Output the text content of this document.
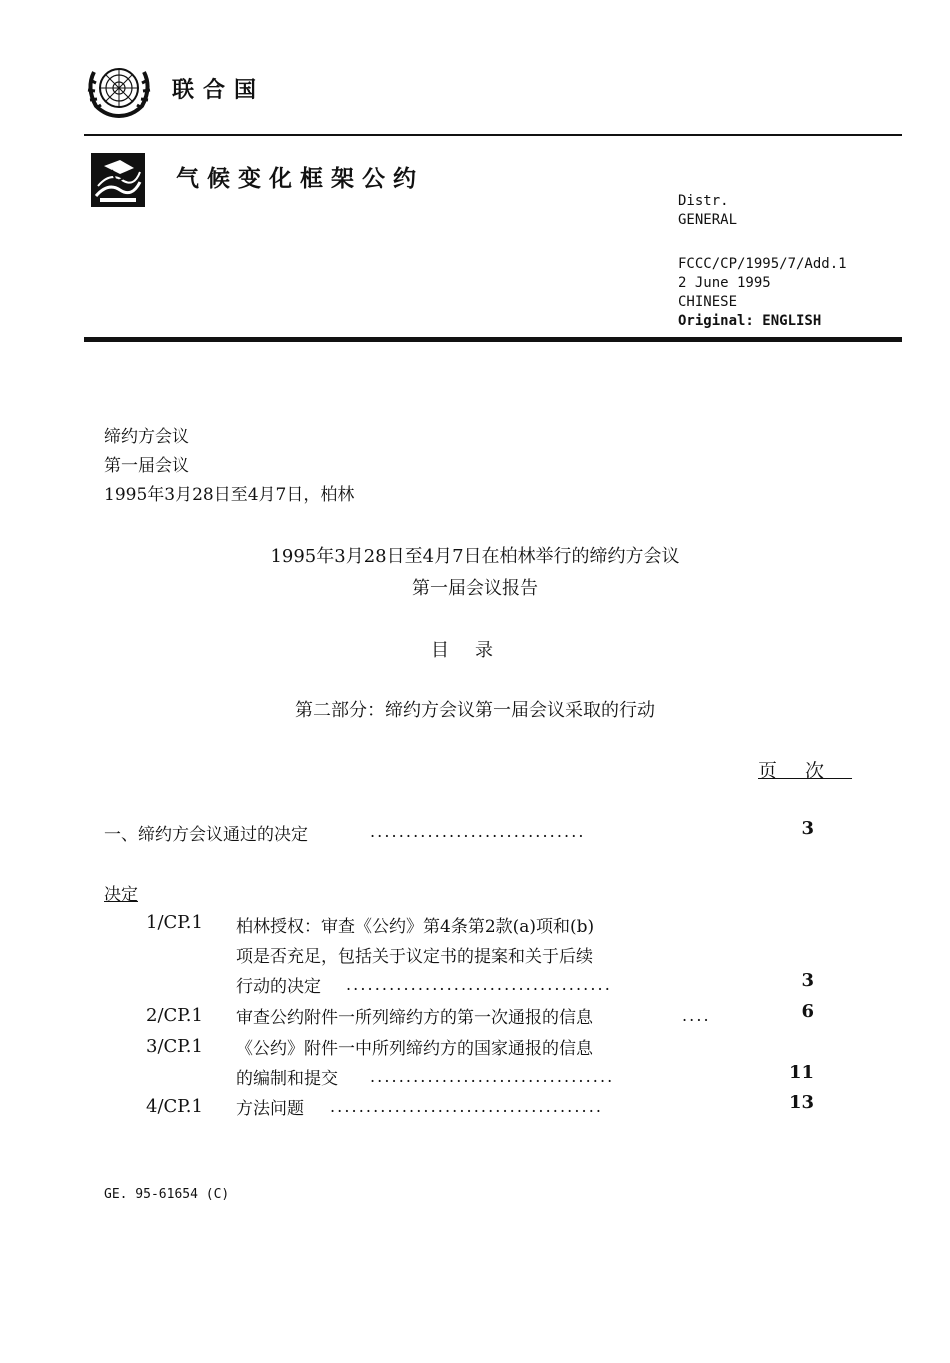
联合国
气候变化框架公约
Distr.
GENERAL
FCCC/CP/1995/7/Add.1
2 June 1995
CHINESE
Original: ENGLISH
缔约方会议
第一届会议
1995年3月28日至4月7日，柏林
1995年3月28日至4月7日在柏林举行的缔约方会议
第一届会议报告
目录
第二部分：缔约方会议第一届会议采取的行动
页次
一、缔约方会议通过的决定	..............................	3
决定
1/CP.1 柏林授权：审查《公约》第4条第2款(a)项和(b)
项是否充足，包括关于议定书的提案和关于后续
行动的决定 .....................................	3
2/CP.1 审查公约附件一所列缔约方的第一次通报的信息	....	6
3/CP.1 《公约》附件一中所列缔约方的国家通报的信息
的编制和提交 ..................................	11
4/CP.1 方法问题 ......................................	13
GE. 95-61654 (C)
